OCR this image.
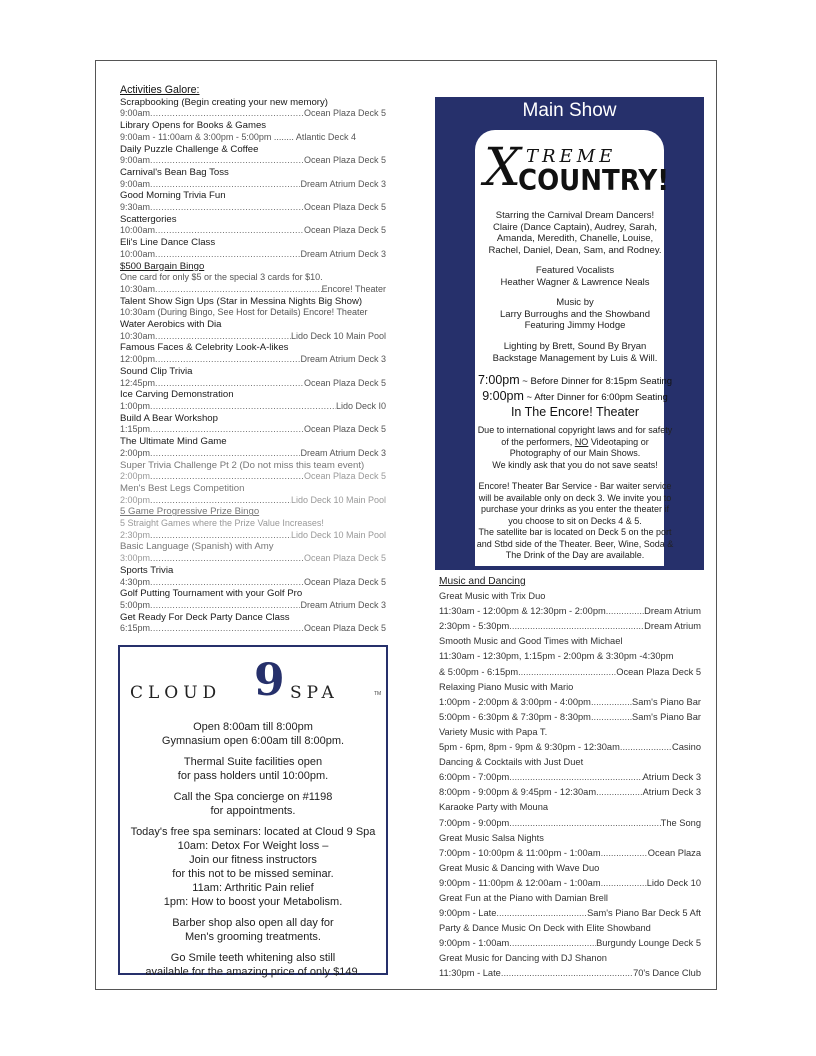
Activities Galore:
Scrapbooking (Begin creating your new memory)
9:00am .....	Ocean Plaza Deck 5
Library Opens for Books & Games
9:00am - 11:00am & 3:00pm - 5:00pm ........ Atlantic Deck 4
Daily Puzzle Challenge & Coffee
9:00am .....	Ocean Plaza Deck 5
Carnival's Bean Bag Toss
9:00am .....	Dream Atrium Deck 3
Good Morning Trivia Fun
9:30am .....	Ocean Plaza Deck 5
Scattergories
10:00am .....	Ocean Plaza Deck 5
Eli's Line Dance Class
10:00am .....	Dream Atrium Deck 3
$500 Bargain Bingo
One card for only $5 or the special 3 cards for $10.
10:30am .....	Encore! Theater
Talent Show Sign Ups (Star in Messina Nights Big Show)
10:30am (During Bingo, See Host for Details) Encore! Theater
Water Aerobics with Dia
10:30am .....	Lido Deck 10 Main Pool
Famous Faces & Celebrity Look-A-likes
12:00pm .....	Dream Atrium Deck 3
Sound Clip Trivia
12:45pm .....	Ocean Plaza Deck 5
Ice Carving Demonstration
1:00pm .....	Lido Deck I0
Build A Bear Workshop
1:15pm .....	Ocean Plaza Deck 5
The Ultimate Mind Game
2:00pm .....	Dream Atrium Deck 3
Super Trivia Challenge Pt 2 (Do not miss this team event)
2:00pm .....	Ocean Plaza Deck 5
Men's Best Legs Competition
2:00pm .....	Lido Deck 10 Main Pool
5 Game Progressive Prize Bingo
5 Straight Games where the Prize Value Increases!
2:30pm .....	Lido Deck 10 Main Pool
Basic Language (Spanish) with Amy
3:00pm .....	Ocean Plaza Deck 5
Sports Trivia
4:30pm .....	Ocean Plaza Deck 5
Golf Putting Tournament with your Golf Pro
5:00pm .....	Dream Atrium Deck 3
Get Ready For Deck Party Dance Class
6:15pm .....	Ocean Plaza Deck 5
CLOUD 9 SPA	TM

Open 8:00am till 8:00pm

Gymnasium open 6:00am till 8:00pm.

Thermal Suite facilities open

for pass holders until 10:00pm.

Call the Spa concierge on #1198

for appointments.

Today's free spa seminars: located at Cloud 9 Spa

10am: Detox For Weight loss –

Join our fitness instructors

for this not to be missed seminar.

11am: Arthritic Pain relief

1pm: How to boost your Metabolism.

Barber shop also open all day for

Men's grooming treatments.

Go Smile teeth whitening also still

available for the amazing price of only $149.

Main Show
X TREME
COUNTRY!
Starring the Carnival Dream Dancers!
Claire (Dance Captain), Audrey, Sarah,
Amanda, Meredith, Chanelle, Louise,
Rachel, Daniel, Dean, Sam, and Rodney.
Featured Vocalists
Heather Wagner & Lawrence Neals
Music by
Larry Burroughs and the Showband
Featuring Jimmy Hodge
Lighting by Brett, Sound By Bryan
Backstage Management by Luis & Will.
7:00pm ~ Before Dinner for 8:15pm Seating
9:00pm ~ After Dinner for 6:00pm Seating
In The Encore! Theater
Due to international copyright laws and for safety
of the performers, NO Videotaping or
Photography of our Main Shows.
We kindly ask that you do not save seats!
Encore! Theater Bar Service - Bar waiter service
will be available only on deck 3. We invite you to
purchase your drinks as you enter the theater if
you choose to sit on Decks 4 & 5.
The satellite bar is located on Deck 5 on the port
and Stbd side of the Theater. Beer, Wine, Soda &
The Drink of the Day are available.
Music and Dancing
Great Music with Trix Duo
11:30am - 12:00pm & 12:30pm - 2:00pm .....	Dream Atrium
2:30pm - 5:30pm .....	Dream Atrium
Smooth Music and Good Times with Michael
11:30am - 12:30pm, 1:15pm - 2:00pm & 3:30pm -4:30pm
& 5:00pm - 6:15pm .....	Ocean Plaza Deck 5
Relaxing Piano Music with Mario
1:00pm - 2:00pm & 3:00pm - 4:00pm .....	Sam's Piano Bar
5:00pm - 6:30pm & 7:30pm - 8:30pm .....	Sam's Piano Bar
Variety Music with Papa T.
5pm - 6pm, 8pm - 9pm & 9:30pm - 12:30am .....	Casino
Dancing & Cocktails with Just Duet
6:00pm - 7:00pm .....	Atrium Deck 3
8:00pm - 9:00pm & 9:45pm - 12:30am .....	Atrium Deck 3
Karaoke Party with Mouna
7:00pm - 9:00pm .....	The Song
Great Music Salsa Nights
7:00pm - 10:00pm & 11:00pm - 1:00am .....	Ocean Plaza
Great Music & Dancing with Wave Duo
9:00pm - 11:00pm & 12:00am - 1:00am .....	Lido Deck 10
Great Fun at the Piano with Damian Brell
9:00pm - Late .....	Sam's Piano Bar Deck 5 Aft
Party & Dance Music On Deck with Elite Showband
9:00pm - 1:00am .....	Burgundy Lounge Deck 5
Great Music for Dancing with DJ Shanon
11:30pm - Late .....	70's Dance Club
